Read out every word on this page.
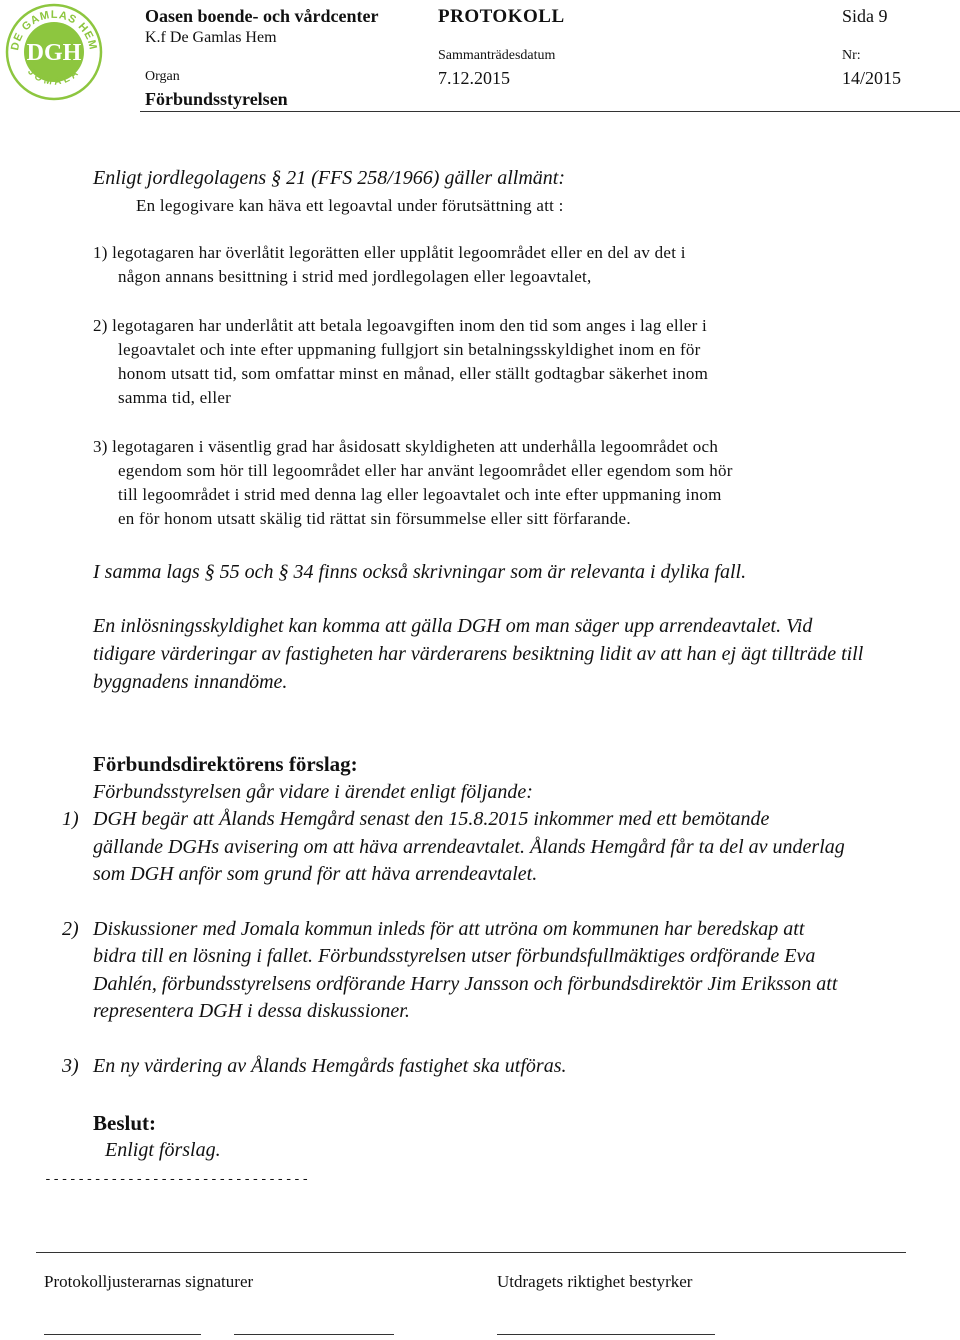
DE GAMLAS HEM
JOMALA
DGH
Oasen boende- och vårdcenter
K.f De Gamlas Hem
Organ
Förbundsstyrelsen
PROTOKOLL
Sammanträdesdatum
7.12.2015
Sida 9
Nr:
14/2015
Enligt jordlegolagens § 21 (FFS 258/1966) gäller allmänt:
En legogivare kan häva ett legoavtal under förutsättning att :
1) legotagaren har överlåtit legorätten eller upplåtit legoområdet eller en del av det i
någon annans besittning i strid med jordlegolagen eller legoavtalet,
2) legotagaren har underlåtit att betala legoavgiften inom den tid som anges i lag eller i
legoavtalet och inte efter uppmaning fullgjort sin betalningsskyldighet inom en för
honom utsatt tid, som omfattar minst en månad, eller ställt godtagbar säkerhet inom
samma tid, eller
3) legotagaren i väsentlig grad har åsidosatt skyldigheten att underhålla legoområdet och
egendom som hör till legoområdet eller har använt legoområdet eller egendom som hör
till legoområdet i strid med denna lag eller legoavtalet och inte efter uppmaning inom
en för honom utsatt skälig tid rättat sin försummelse eller sitt förfarande.
I samma lags § 55 och § 34 finns också skrivningar som är relevanta i dylika fall.
En inlösningsskyldighet kan komma att gälla DGH om man säger upp arrendeavtalet. Vid
tidigare värderingar av fastigheten har värderarens besiktning lidit av att han ej ägt tillträde till
byggnadens innandöme.
Förbundsdirektörens förslag:
Förbundsstyrelsen går vidare i ärendet enligt följande:
1) DGH begär att Ålands Hemgård senast den 15.8.2015 inkommer med ett bemötande
gällande DGHs avisering om att häva arrendeavtalet. Ålands Hemgård får ta del av underlag
som DGH anför som grund för att häva arrendeavtalet.
2) Diskussioner med Jomala kommun inleds för att utröna om kommunen har beredskap att
bidra till en lösning i fallet. Förbundsstyrelsen utser förbundsfullmäktiges ordförande Eva
Dahlén, förbundsstyrelsens ordförande Harry Jansson och förbundsdirektör Jim Eriksson att
representera DGH i dessa diskussioner.
3) En ny värdering av Ålands Hemgårds fastighet ska utföras.
Beslut:
Enligt förslag.
--------------------------------
Protokolljusterarnas signaturer	Utdragets riktighet bestyrker
